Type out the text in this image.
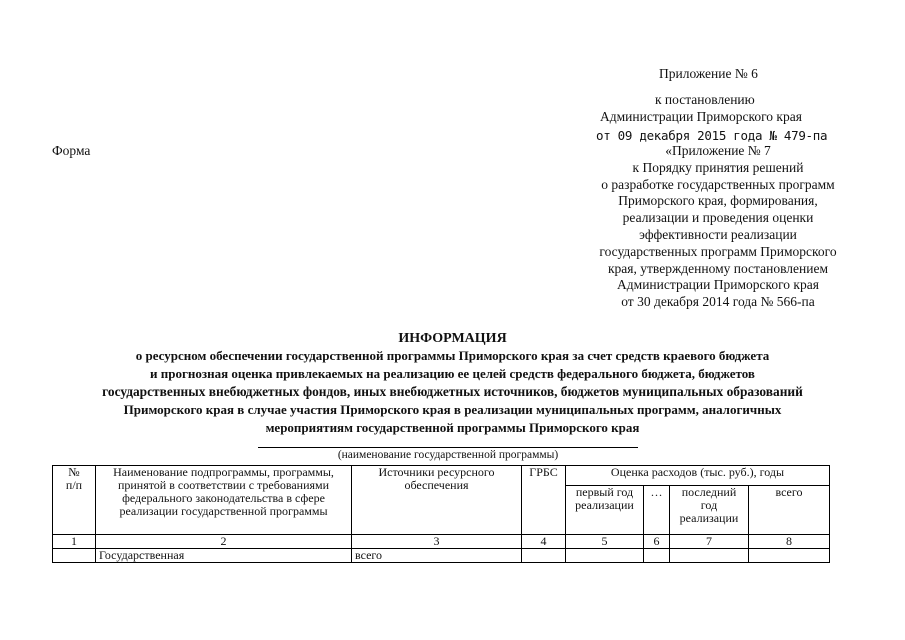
Приложение № 6
к постановлению
Администрации Приморского края
от 09 декабря 2015 года № 479-па
Форма	«Приложение № 7
к Порядку принятия решений
о разработке государственных программ
Приморского края, формирования,
реализации и проведения оценки
эффективности реализации
государственных программ Приморского
края, утвержденному постановлением
Администрации Приморского края
от 30 декабря 2014 года № 566-па
ИНФОРМАЦИЯ
о ресурсном обеспечении государственной программы Приморского края за счет средств краевого бюджета
и прогнозная оценка привлекаемых на реализацию ее целей средств федерального бюджета, бюджетов
государственных внебюджетных фондов, иных внебюджетных источников, бюджетов муниципальных образований
Приморского края в случае участия Приморского края в реализации муниципальных программ, аналогичных
мероприятиям государственной программы Приморского края
(наименование государственной программы)
№
п/п	Наименование подпрограммы, программы, принятой в соответствии с требованиями федерального законодательства в сфере реализации государственной программы	Источники ресурсного обеспечения	ГРБС	Оценка расходов (тыс. руб.), годы			
				первый год реализации	…	последний год реализации	всего
1	2	3	4	5	6	7	8
	Государственная	всего					
